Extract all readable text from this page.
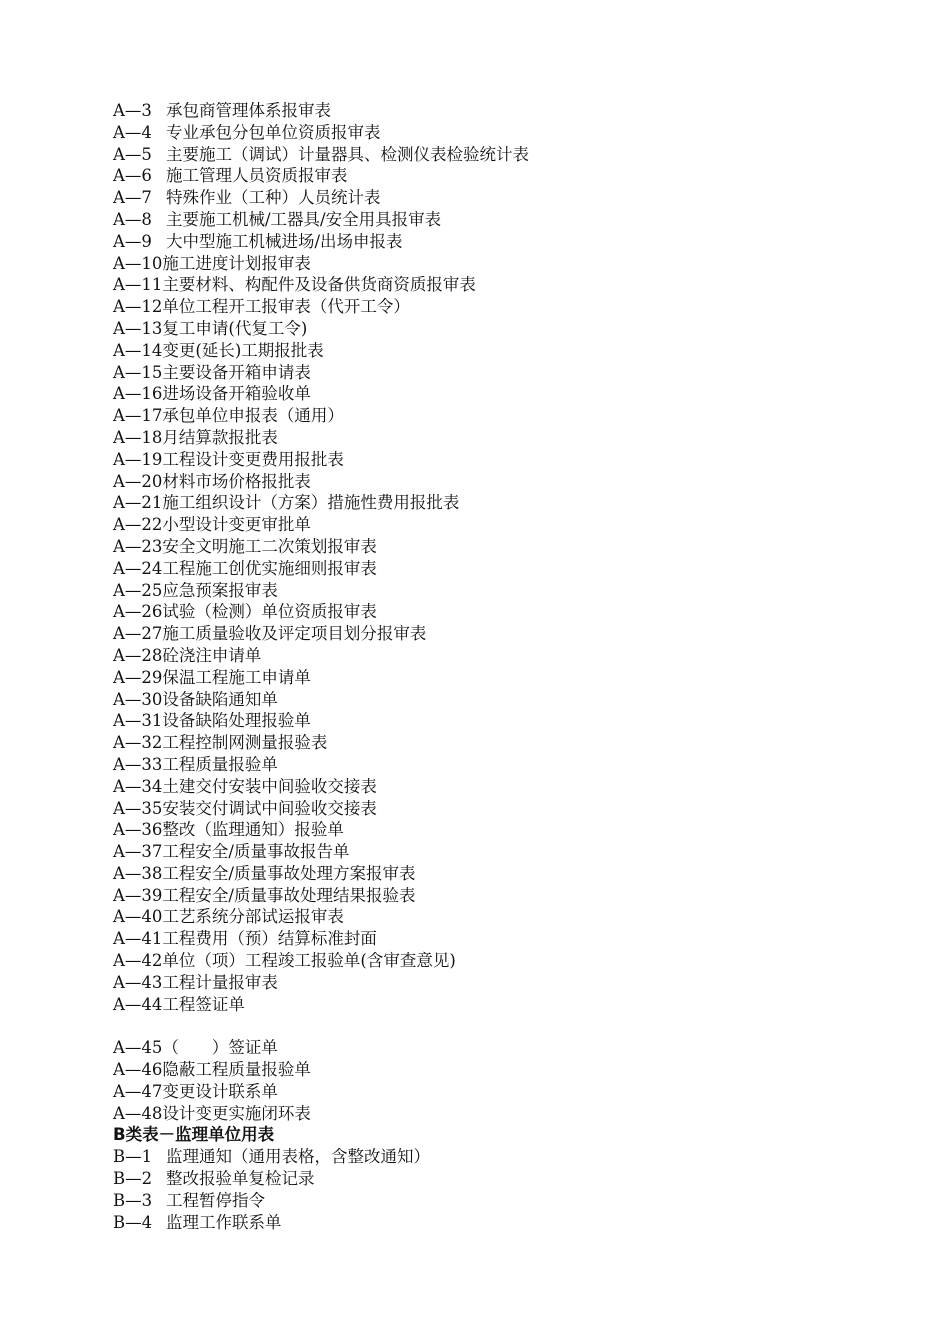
A—3 承包商管理体系报审表
A—4 专业承包分包单位资质报审表
A—5 主要施工（调试）计量器具、检测仪表检验统计表
A—6 施工管理人员资质报审表
A—7 特殊作业（工种）人员统计表
A—8 主要施工机械/工器具/安全用具报审表
A—9 大中型施工机械进场/出场申报表
A—10施工进度计划报审表
A—11主要材料、构配件及设备供货商资质报审表
A—12单位工程开工报审表（代开工令）
A—13复工申请(代复工令)
A—14变更(延长)工期报批表
A—15主要设备开箱申请表
A—16进场设备开箱验收单
A—17承包单位申报表（通用）
A—18月结算款报批表
A—19工程设计变更费用报批表
A—20材料市场价格报批表
A—21施工组织设计（方案）措施性费用报批表
A—22小型设计变更审批单
A—23安全文明施工二次策划报审表
A—24工程施工创优实施细则报审表
A—25应急预案报审表
A—26试验（检测）单位资质报审表
A—27施工质量验收及评定项目划分报审表
A—28砼浇注申请单
A—29保温工程施工申请单
A—30设备缺陷通知单
A—31设备缺陷处理报验单
A—32工程控制网测量报验表
A—33工程质量报验单
A—34土建交付安装中间验收交接表
A—35安装交付调试中间验收交接表
A—36整改（监理通知）报验单
A—37工程安全/质量事故报告单
A—38工程安全/质量事故处理方案报审表
A—39工程安全/质量事故处理结果报验表
A—40工艺系统分部试运报审表
A—41工程费用（预）结算标准封面
A—42单位（项）工程竣工报验单(含审查意见)
A—43工程计量报审表
A—44工程签证单
A—45（　　）签证单
A—46隐蔽工程质量报验单
A—47变更设计联系单
A—48设计变更实施闭环表
B类表－监理单位用表
B—1 监理通知（通用表格，含整改通知）
B—2 整改报验单复检记录
B—3 工程暂停指令
B—4 监理工作联系单
